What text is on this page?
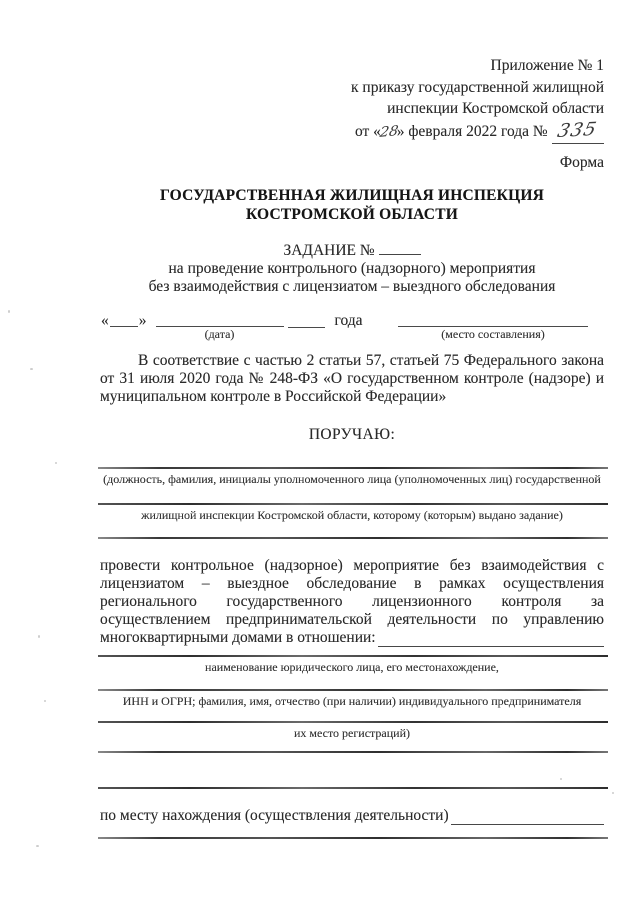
Приложение № 1
к приказу государственной жилищной
инспекции Костромской области
от «28» февраля 2022 года № 335
Форма
ГОСУДАРСТВЕННАЯ ЖИЛИЩНАЯ ИНСПЕКЦИЯ
КОСТРОМСКОЙ ОБЛАСТИ
ЗАДАНИЕ №
на проведение контрольного (надзорного) мероприятия
без взаимодействия с лицензиатом – выездного обследования
« »
(дата)
года
(место составления)
В соответствие с частью 2 статьи 57, статьей 75 Федерального закона
от 31 июля 2020 года № 248-ФЗ «О государственном контроле (надзоре) и
муниципальном контроле в Российской Федерации»
ПОРУЧАЮ:
(должность, фамилия, инициалы уполномоченного лица (уполномоченных лиц) государственной
жилищной инспекции Костромской области, которому (которым) выдано задание)
провести контрольное (надзорное) мероприятие без взаимодействия с
лицензиатом – выездное обследование в рамках осуществления
регионального государственного лицензионного контроля за
осуществлением предпринимательской деятельности по управлению
многоквартирными домами в отношении:
наименование юридического лица, его местонахождение,
ИНН и ОГРН; фамилия, имя, отчество (при наличии) индивидуального предпринимателя
их место регистраций)
по месту нахождения (осуществления деятельности)
